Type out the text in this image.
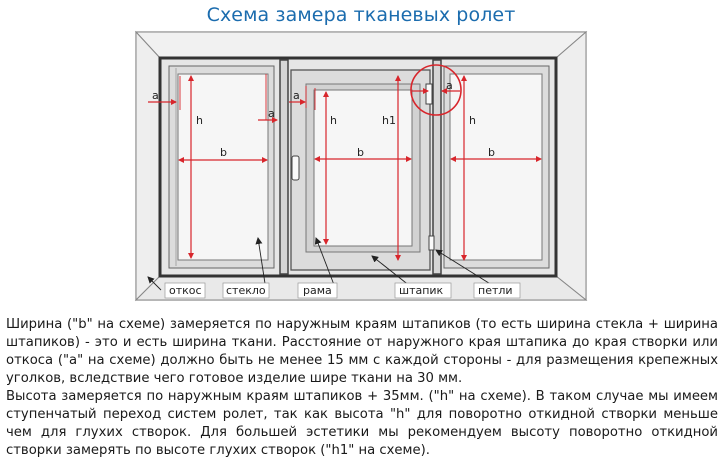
Схема замера тканевых ролет
a	a
a
a
h	h	h1	h
b	b	b
откос стекло	рама	штапик	петли

Ширина ("b" на схеме) замеряется по наружным краям штапиков (то есть ширина стекла + ширина штапиков) - это и есть ширина ткани. Расстояние от наружного края штапика до края створки или откоса ("a" на схеме) должно быть не менее 15 мм с каждой стороны - для размещения крепежных уголков, вследствие чего готовое изделие шире ткани на 30 мм.

Высота замеряется по наружным краям штапиков + 35мм. ("h" на схеме). В таком случае мы имеем ступенчатый переход систем ролет, так как высота "h" для поворотно откидной створки меньше чем для глухих створок. Для большей эстетики мы рекомендуем высоту поворотно откидной створки замерять по высоте глухих створок ("h1" на схеме).
